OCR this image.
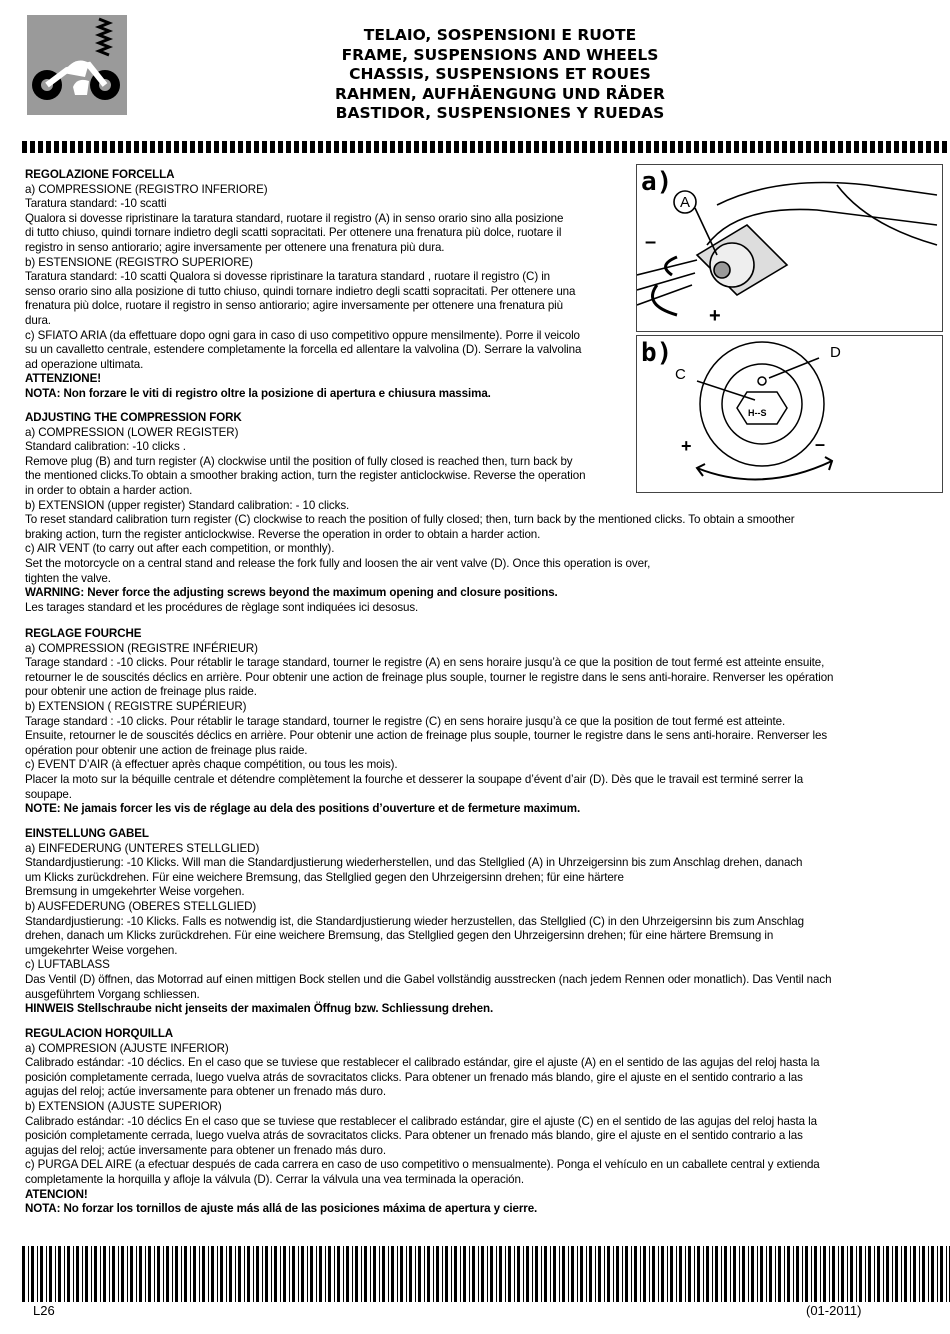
TELAIO, SOSPENSIONI E RUOTE
FRAME, SUSPENSIONS AND WHEELS
CHASSIS, SUSPENSIONS ET ROUES
RAHMEN, AUFHÄENGUNG UND RÄDER
BASTIDOR, SUSPENSIONES Y RUEDAS
a)
A
–
+
b)
C
D
H--S
+	–

REGOLAZIONE FORCELLA

a) COMPRESSIONE (REGISTRO INFERIORE)

Taratura standard: -10 scatti

Qualora si dovesse ripristinare la taratura standard, ruotare il registro (A) in senso orario sino alla posizione

di tutto chiuso, quindi tornare indietro degli scatti sopracitati. Per ottenere una frenatura più dolce, ruotare il

registro in senso antiorario; agire inversamente per ottenere una frenatura più dura.

b) ESTENSIONE (REGISTRO SUPERIORE)

Taratura standard: -10 scatti Qualora si dovesse ripristinare la taratura standard , ruotare il registro (C) in

senso orario sino alla posizione di tutto chiuso, quindi tornare indietro degli scatti sopracitati. Per ottenere una

frenatura più dolce, ruotare il registro in senso antiorario; agire inversamente per ottenere una frenatura più

dura.

c) SFIATO ARIA (da effettuare dopo ogni gara in caso di uso competitivo oppure mensilmente). Porre il veicolo

su un cavalletto centrale, estendere completamente la forcella ed allentare la valvolina (D). Serrare la valvolina

ad operazione ultimata.

ATTENZIONE!

NOTA: Non forzare le viti di registro oltre la posizione di apertura e chiusura massima.

ADJUSTING THE COMPRESSION FORK

a) COMPRESSION (LOWER REGISTER)

Standard calibration: -10 clicks .

Remove plug (B) and turn register (A) clockwise until the position of fully closed is reached then, turn back by

the mentioned clicks.To obtain a smoother braking action, turn the register anticlockwise. Reverse the operation

in order to obtain a harder action.

b) EXTENSION (upper register) Standard calibration: - 10 clicks.

To reset standard calibration turn register (C) clockwise to reach the position of fully closed; then, turn back by the mentioned clicks. To obtain a smoother

braking action, turn the register anticlockwise. Reverse the operation in order to obtain a harder action.

c) AIR VENT (to carry out after each competition, or monthly).

Set the motorcycle on a central stand and release the fork fully and loosen the air vent valve (D). Once this operation is over,

tighten the valve.

WARNING: Never force the adjusting screws beyond the maximum opening and closure positions.

Les tarages standard et les procédures de règlage sont indiquées ici desosus.

REGLAGE FOURCHE

a) COMPRESSION (REGISTRE INFÉRIEUR)

Tarage standard : -10 clicks. Pour rétablir le tarage standard, tourner le registre (A) en sens horaire jusqu’à ce que la position de tout fermé est atteinte ensuite,

retourner le de souscités déclics en arrière. Pour obtenir une action de freinage plus souple, tourner le registre dans le sens anti-horaire. Renverser les opération

pour obtenir une action de freinage plus raide.

b) EXTENSION ( REGISTRE SUPÉRIEUR)

Tarage standard : -10 clicks. Pour rétablir le tarage standard, tourner le registre (C) en sens horaire jusqu’à ce que la position de tout fermé est atteinte.

Ensuite, retourner le de souscités déclics en arrière. Pour obtenir une action de freinage plus souple, tourner le registre dans le sens anti-horaire. Renverser les

opération pour obtenir une action de freinage plus raide.

c) EVENT D’AIR (à effectuer après chaque compétition, ou tous les mois).

Placer la moto sur la béquille centrale et détendre complètement la fourche et desserer la soupape d’évent d’air (D). Dès que le travail est terminé serrer la

soupape.

NOTE: Ne jamais forcer les vis de réglage au dela des positions d’ouverture et de fermeture maximum.

EINSTELLUNG GABEL

a) EINFEDERUNG (UNTERES STELLGLIED)

Standardjustierung: -10 Klicks. Will man die Standardjustierung wiederherstellen, und das Stellglied (A) in Uhrzeigersinn bis zum Anschlag drehen, danach

um Klicks zurückdrehen. Für eine weichere Bremsung, das Stellglied gegen den Uhrzeigersinn drehen; für eine härtere

Bremsung in umgekehrter Weise vorgehen.

b) AUSFEDERUNG (OBERES STELLGLIED)

Standardjustierung: -10 Klicks. Falls es notwendig ist, die Standardjustierung wieder herzustellen, das Stellglied (C) in den Uhrzeigersinn bis zum Anschlag

drehen, danach um Klicks zurückdrehen. Für eine weichere Bremsung, das Stellglied gegen den Uhrzeigersinn drehen; für eine härtere Bremsung in

umgekehrter Weise vorgehen.

c) LUFTABLASS

Das Ventil (D) öffnen, das Motorrad auf einen mittigen Bock stellen und die Gabel vollständig ausstrecken (nach jedem Rennen oder monatlich). Das Ventil nach

ausgeführtem Vorgang schliessen.

HINWEIS Stellschraube nicht jenseits der maximalen Öffnug bzw. Schliessung drehen.

REGULACION HORQUILLA

a) COMPRESION (AJUSTE INFERIOR)

Calibrado estándar: -10 déclics. En el caso que se tuviese que restablecer el calibrado estándar, gire el ajuste (A) en el sentido de las agujas del reloj hasta la

posición completamente cerrada, luego vuelva atrás de sovracitatos clicks. Para obtener un frenado más blando, gire el ajuste en el sentido contrario a las

agujas del reloj; actúe inversamente para obtener un frenado más duro.

b) EXTENSION (AJUSTE SUPERIOR)

Calibrado estándar: -10 déclics En el caso que se tuviese que restablecer el calibrado estándar, gire el ajuste (C) en el sentido de las agujas del reloj hasta la

posición completamente cerrada, luego vuelva atrás de sovracitatos clicks. Para obtener un frenado más blando, gire el ajuste en el sentido contrario a las

agujas del reloj; actúe inversamente para obtener un frenado más duro.

c) PURGA DEL AIRE (a efectuar después de cada carrera en caso de uso competitivo o mensualmente). Ponga el vehículo en un caballete central y extienda

completamente la horquilla y afloje la válvula (D). Cerrar la válvula una vea terminada la operación.

ATENCION!

NOTA: No forzar los tornillos de ajuste más allá de las posiciones máxima de apertura y cierre.

L26	(01-2011)
